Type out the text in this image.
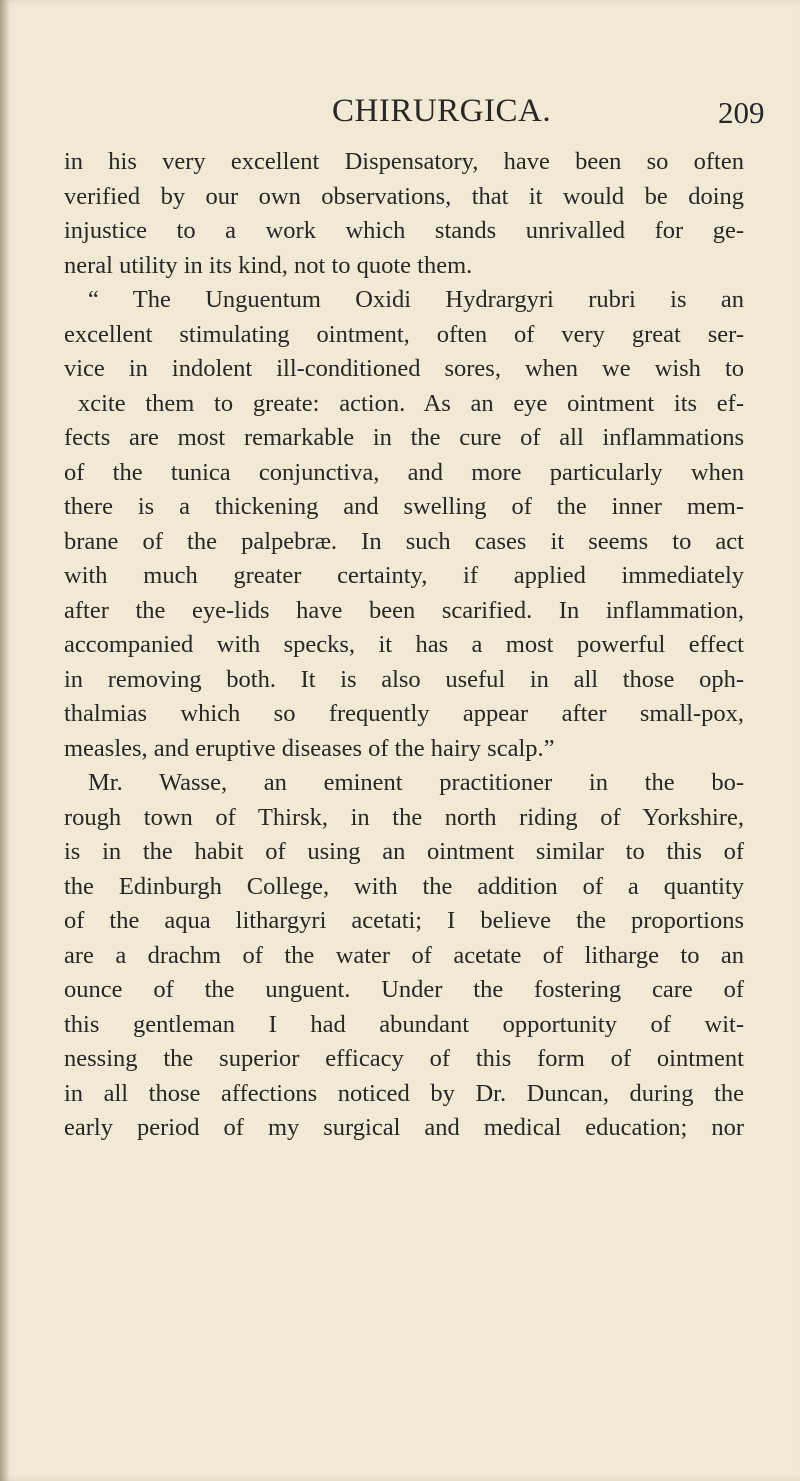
CHIRURGICA.	209
in his very excellent Dispensatory, have been so often
verified by our own observations, that it would be doing
injustice to a work which stands unrivalled for ge-
neral utility in its kind, not to quote them.
“ The Unguentum Oxidi Hydrargyri rubri is an
excellent stimulating ointment, often of very great ser-
vice in indolent ill-conditioned sores, when we wish to
xcite them to greate: action. As an eye ointment its ef-
fects are most remarkable in the cure of all inflammations
of the tunica conjunctiva, and more particularly when
there is a thickening and swelling of the inner mem-
brane of the palpebræ. In such cases it seems to act
with much greater certainty, if applied immediately
after the eye-lids have been scarified. In inflammation,
accompanied with specks, it has a most powerful effect
in removing both. It is also useful in all those oph-
thalmias which so frequently appear after small-pox,
measles, and eruptive diseases of the hairy scalp.”
Mr. Wasse, an eminent practitioner in the bo-
rough town of Thirsk, in the north riding of Yorkshire,
is in the habit of using an ointment similar to this of
the Edinburgh College, with the addition of a quantity
of the aqua lithargyri acetati; I believe the proportions
are a drachm of the water of acetate of litharge to an
ounce of the unguent. Under the fostering care of
this gentleman I had abundant opportunity of wit-
nessing the superior efficacy of this form of ointment
in all those affections noticed by Dr. Duncan, during the
early period of my surgical and medical education; nor
